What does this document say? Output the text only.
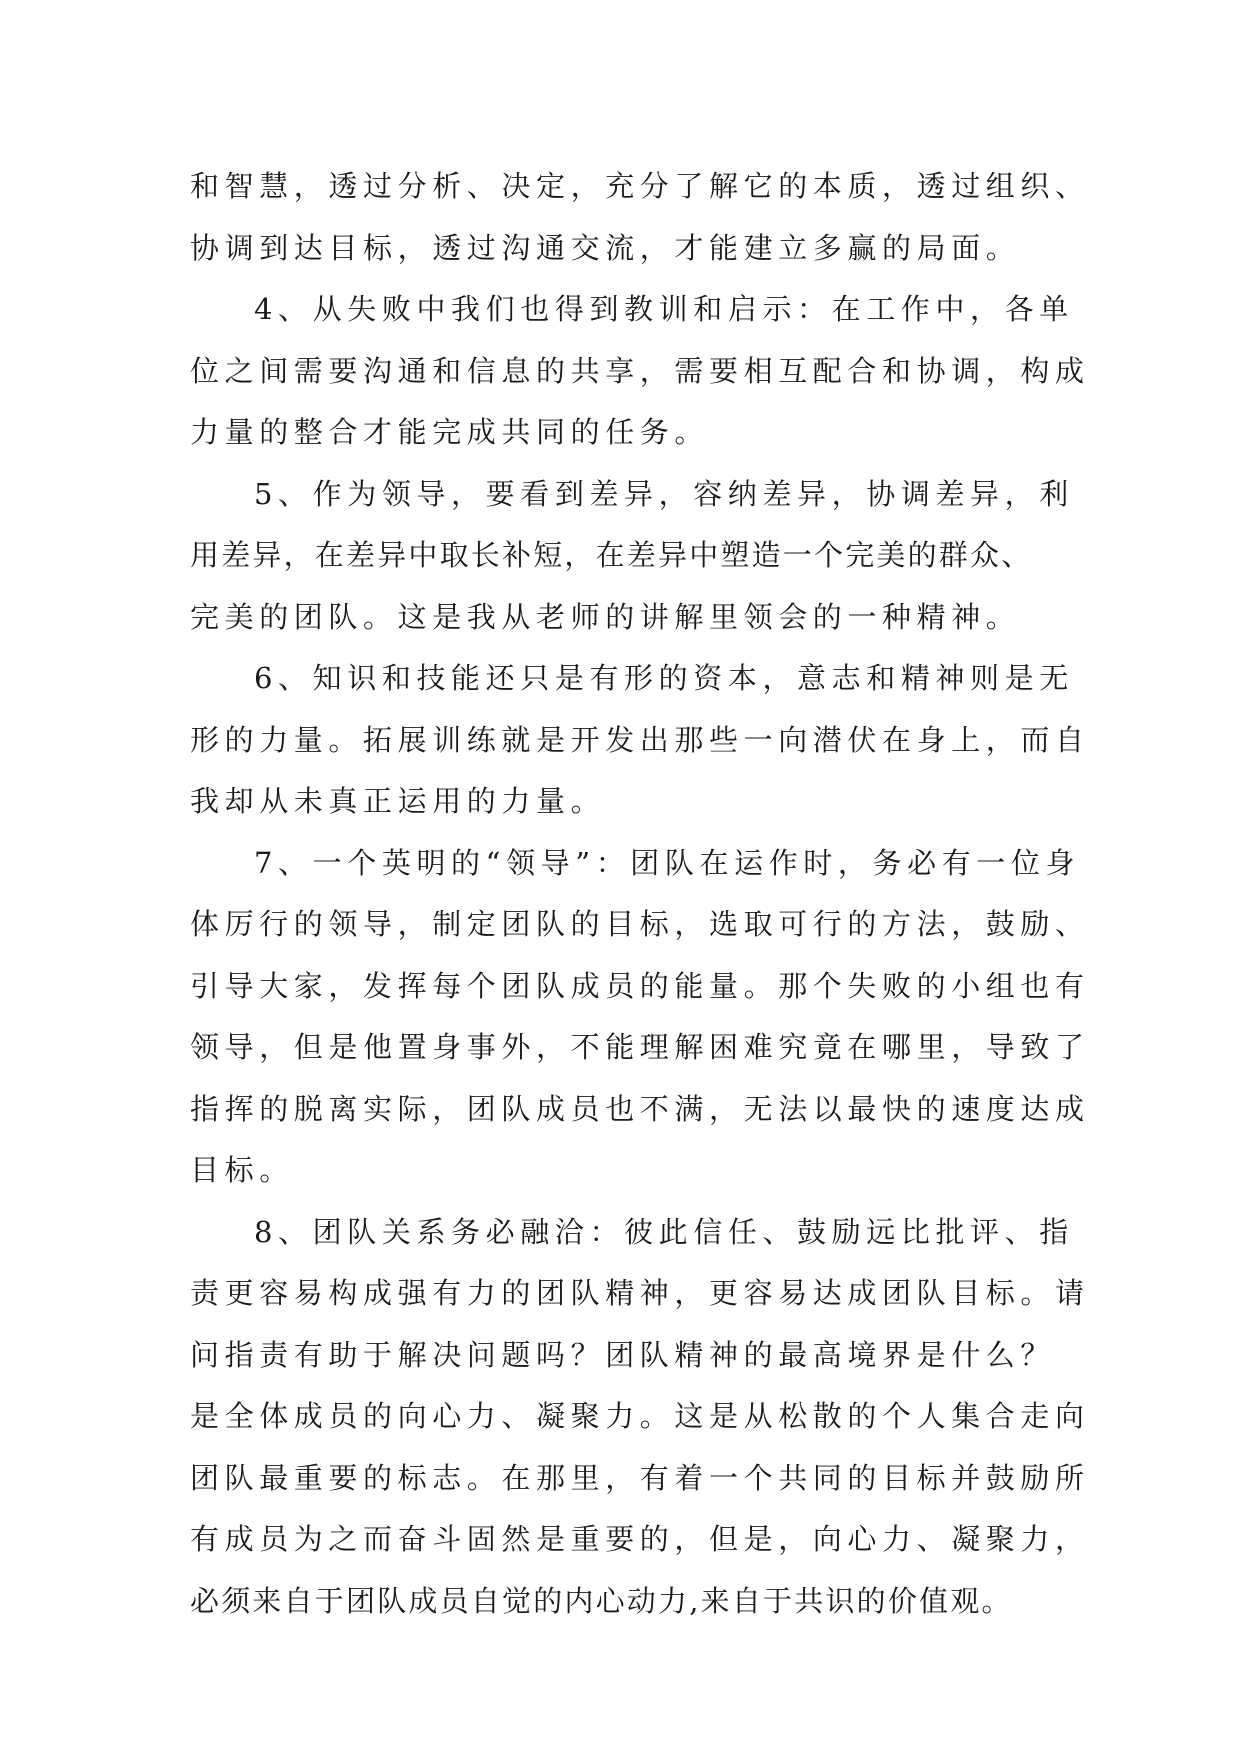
和智慧，透过分析、决定，充分了解它的本质，透过组织、
协调到达目标，透过沟通交流，才能建立多赢的局面。
4、从失败中我们也得到教训和启示：在工作中，各单
位之间需要沟通和信息的共享，需要相互配合和协调，构成
力量的整合才能完成共同的任务。
5、作为领导，要看到差异，容纳差异，协调差异，利
用差异，在差异中取长补短，在差异中塑造一个完美的群众、
完美的团队。这是我从老师的讲解里领会的一种精神。
6、知识和技能还只是有形的资本，意志和精神则是无
形的力量。拓展训练就是开发出那些一向潜伏在身上，而自
我却从未真正运用的力量。
7、一个英明的“领导”：团队在运作时，务必有一位身
体厉行的领导，制定团队的目标，选取可行的方法，鼓励、
引导大家，发挥每个团队成员的能量。那个失败的小组也有
领导，但是他置身事外，不能理解困难究竟在哪里，导致了
指挥的脱离实际，团队成员也不满，无法以最快的速度达成
目标。
8、团队关系务必融洽：彼此信任、鼓励远比批评、指
责更容易构成强有力的团队精神，更容易达成团队目标。请
问指责有助于解决问题吗？团队精神的最高境界是什么？
是全体成员的向心力、凝聚力。这是从松散的个人集合走向
团队最重要的标志。在那里，有着一个共同的目标并鼓励所
有成员为之而奋斗固然是重要的，但是，向心力、凝聚力，
必须来自于团队成员自觉的内心动力,来自于共识的价值观。
